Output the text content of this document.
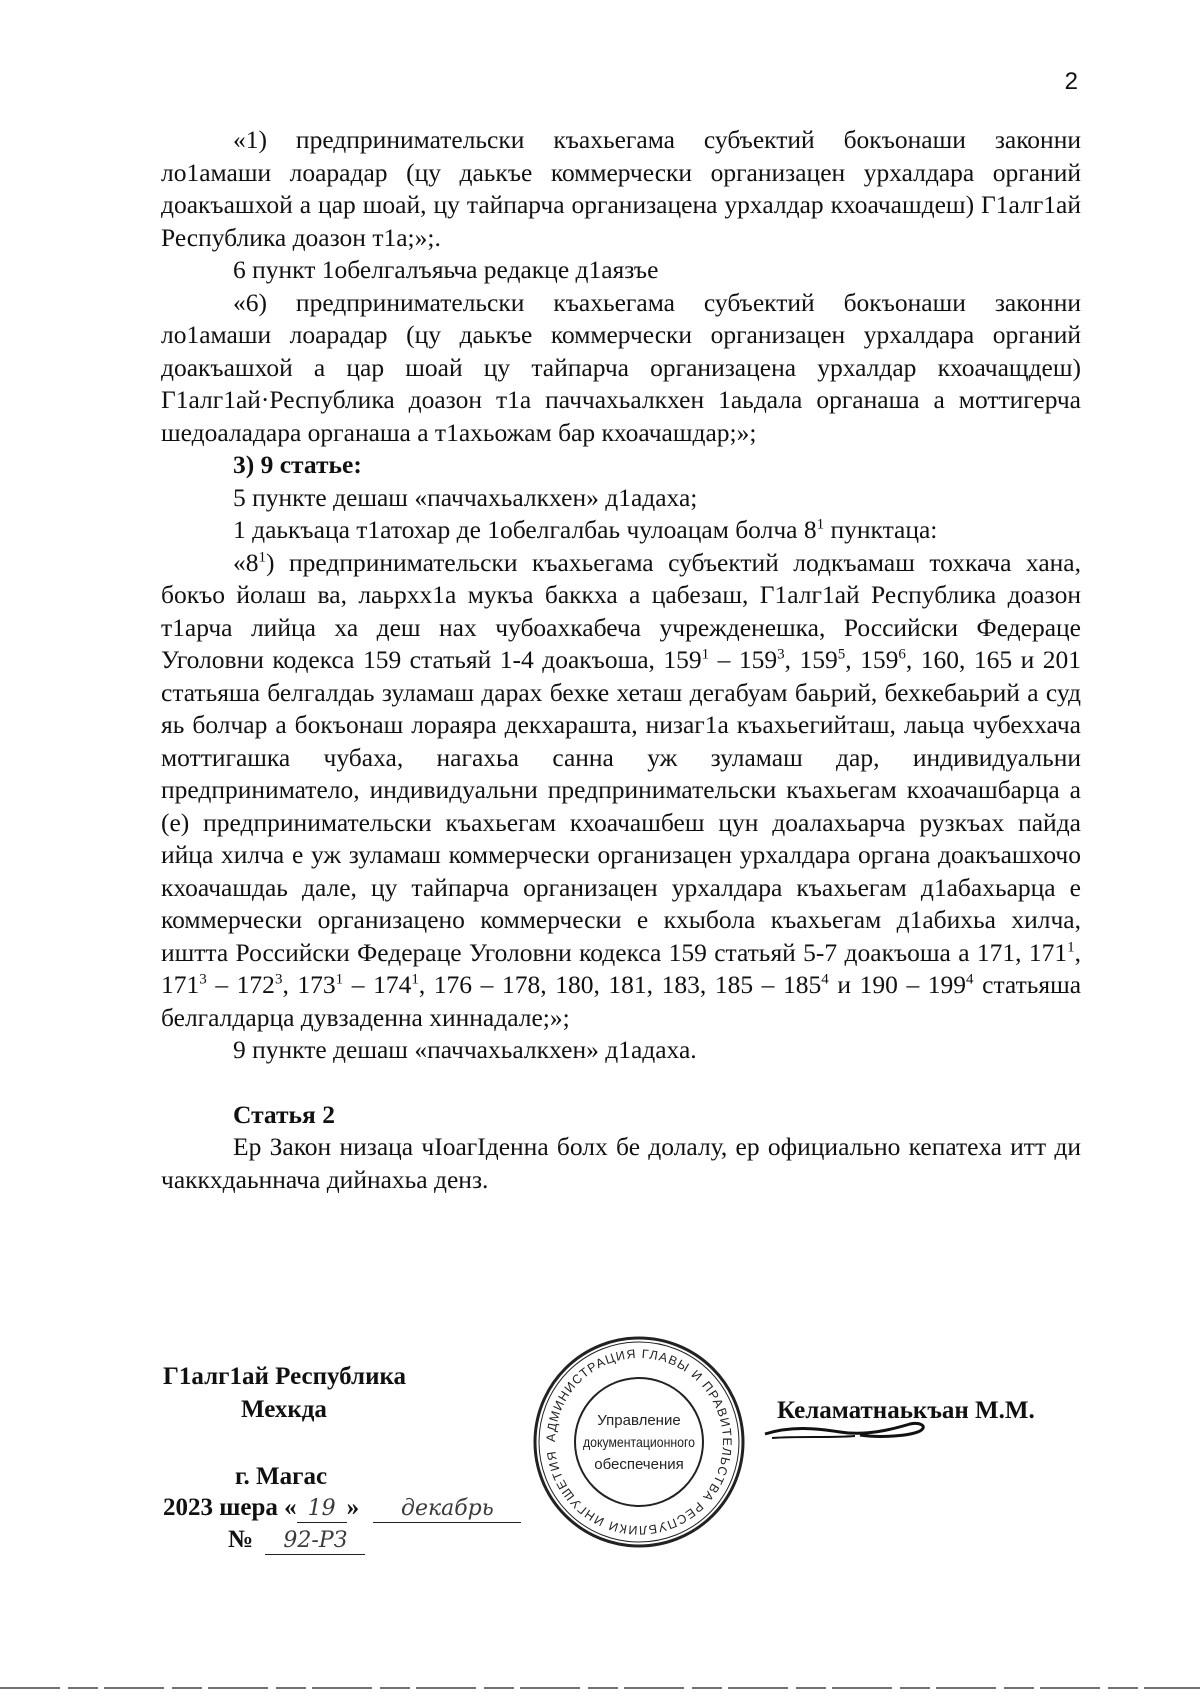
2

«1) предпринимательски къахьегама субъектий бокъонаши законни ло1амаши лоарадар (цу даькъе коммерчески организацен урхалдара органий доакъашхой а цар шоай, цу тайпарча организацена урхалдар кхоачашдеш) Г1алг1ай Республика доазон т1а;»;.

6 пункт 1обелгалъяьча редакце д1аязъе

«6) предпринимательски къахьегама субъектий бокъонаши законни ло1амаши лоарадар (цу даькъе коммерчески организацен урхалдара органий доакъашхой а цар шоай цу тайпарча организацена урхалдар кхоачащдеш) Г1алг1ай·Республика доазон т1а паччахьалкхен 1аьдала органаша а моттигерча шедоаладара органаша а т1ахьожам бар кхоачашдар;»;

3) 9 статье:

5 пункте дешаш «паччахьалкхен» д1адаха;

1 даькъаца т1атохар де 1обелгалбаь чулоацам болча $8^1$ пунктаца:

«$8^1$) предпринимательски къахьегама субъектий лодкъамаш тохкача хана, бокъо йолаш ва, лаьрхх1а мукъа баккха а цабезаш, Г1алг1ай Республика доазон т1арча лийца ха деш нах чубоахкабеча учрежденешка, Российски Федераце Уголовни кодекса 159 статьяй 1-4 доакъоша, $159^1 - 159^3$, $159^5$, $159^6$, 160, 165 и 201 статьяша белгалдаь зуламаш дарах бехке хеташ дегабуам баьрий, бехкебаьрий а суд яь болчар а бокъонаш лораяра декхараштa, низаг1а къахьегийташ, лаьца чубеххача моттигашка чубаха, нагахьа санна уж зуламаш дар, индивидуальни предпринимателo, индивидуальни предпринимательски къахьегам кхоачашбарца а (е) предпринимательски къахьегам кхоачашбеш цун доалахьарча рузкъах пайда ийца хилча е уж зуламаш коммерчески организацен урхалдара органа доакъашхочо кхоачашдаь дале, цу тайпарча организацен урхалдара къахьегам д1абахьарца е коммерчески организацено коммерчески е кхыбола къахьегам д1абихьа хилча, иштта Российски Федераце Уголовни кодекса 159 статьяй 5-7 доакъоша а 171, $171^1$, $171^3 - 172^3$, $173^1 - 174^1$, 176 – 178, 180, 181, 183, $185 - 185^4$ и $190 - 199^4$ статьяша белгалдарца дувзаденна хиннадале;»;

9 пункте дешаш «паччахьалкхен» д1адаха.

Статья 2

Ер Закон низаца чIоагIденна болх бе долалу, ер официально кепатеха итт ди чаккхдаьннача дийнахьа денз.

Г1алг1ай Республика
Мехкда
АДМИНИСТРАЦИЯ ГЛАВЫ И ПРАВИТЕЛЬСТВА РЕСПУБЛИКИ ИНГУШЕТИЯ
Управление
документационного
обеспечения
Келаматнаькъан М.М.
г. Магас
2023 шера « 19 » декабрь
№ 92-РЗ
